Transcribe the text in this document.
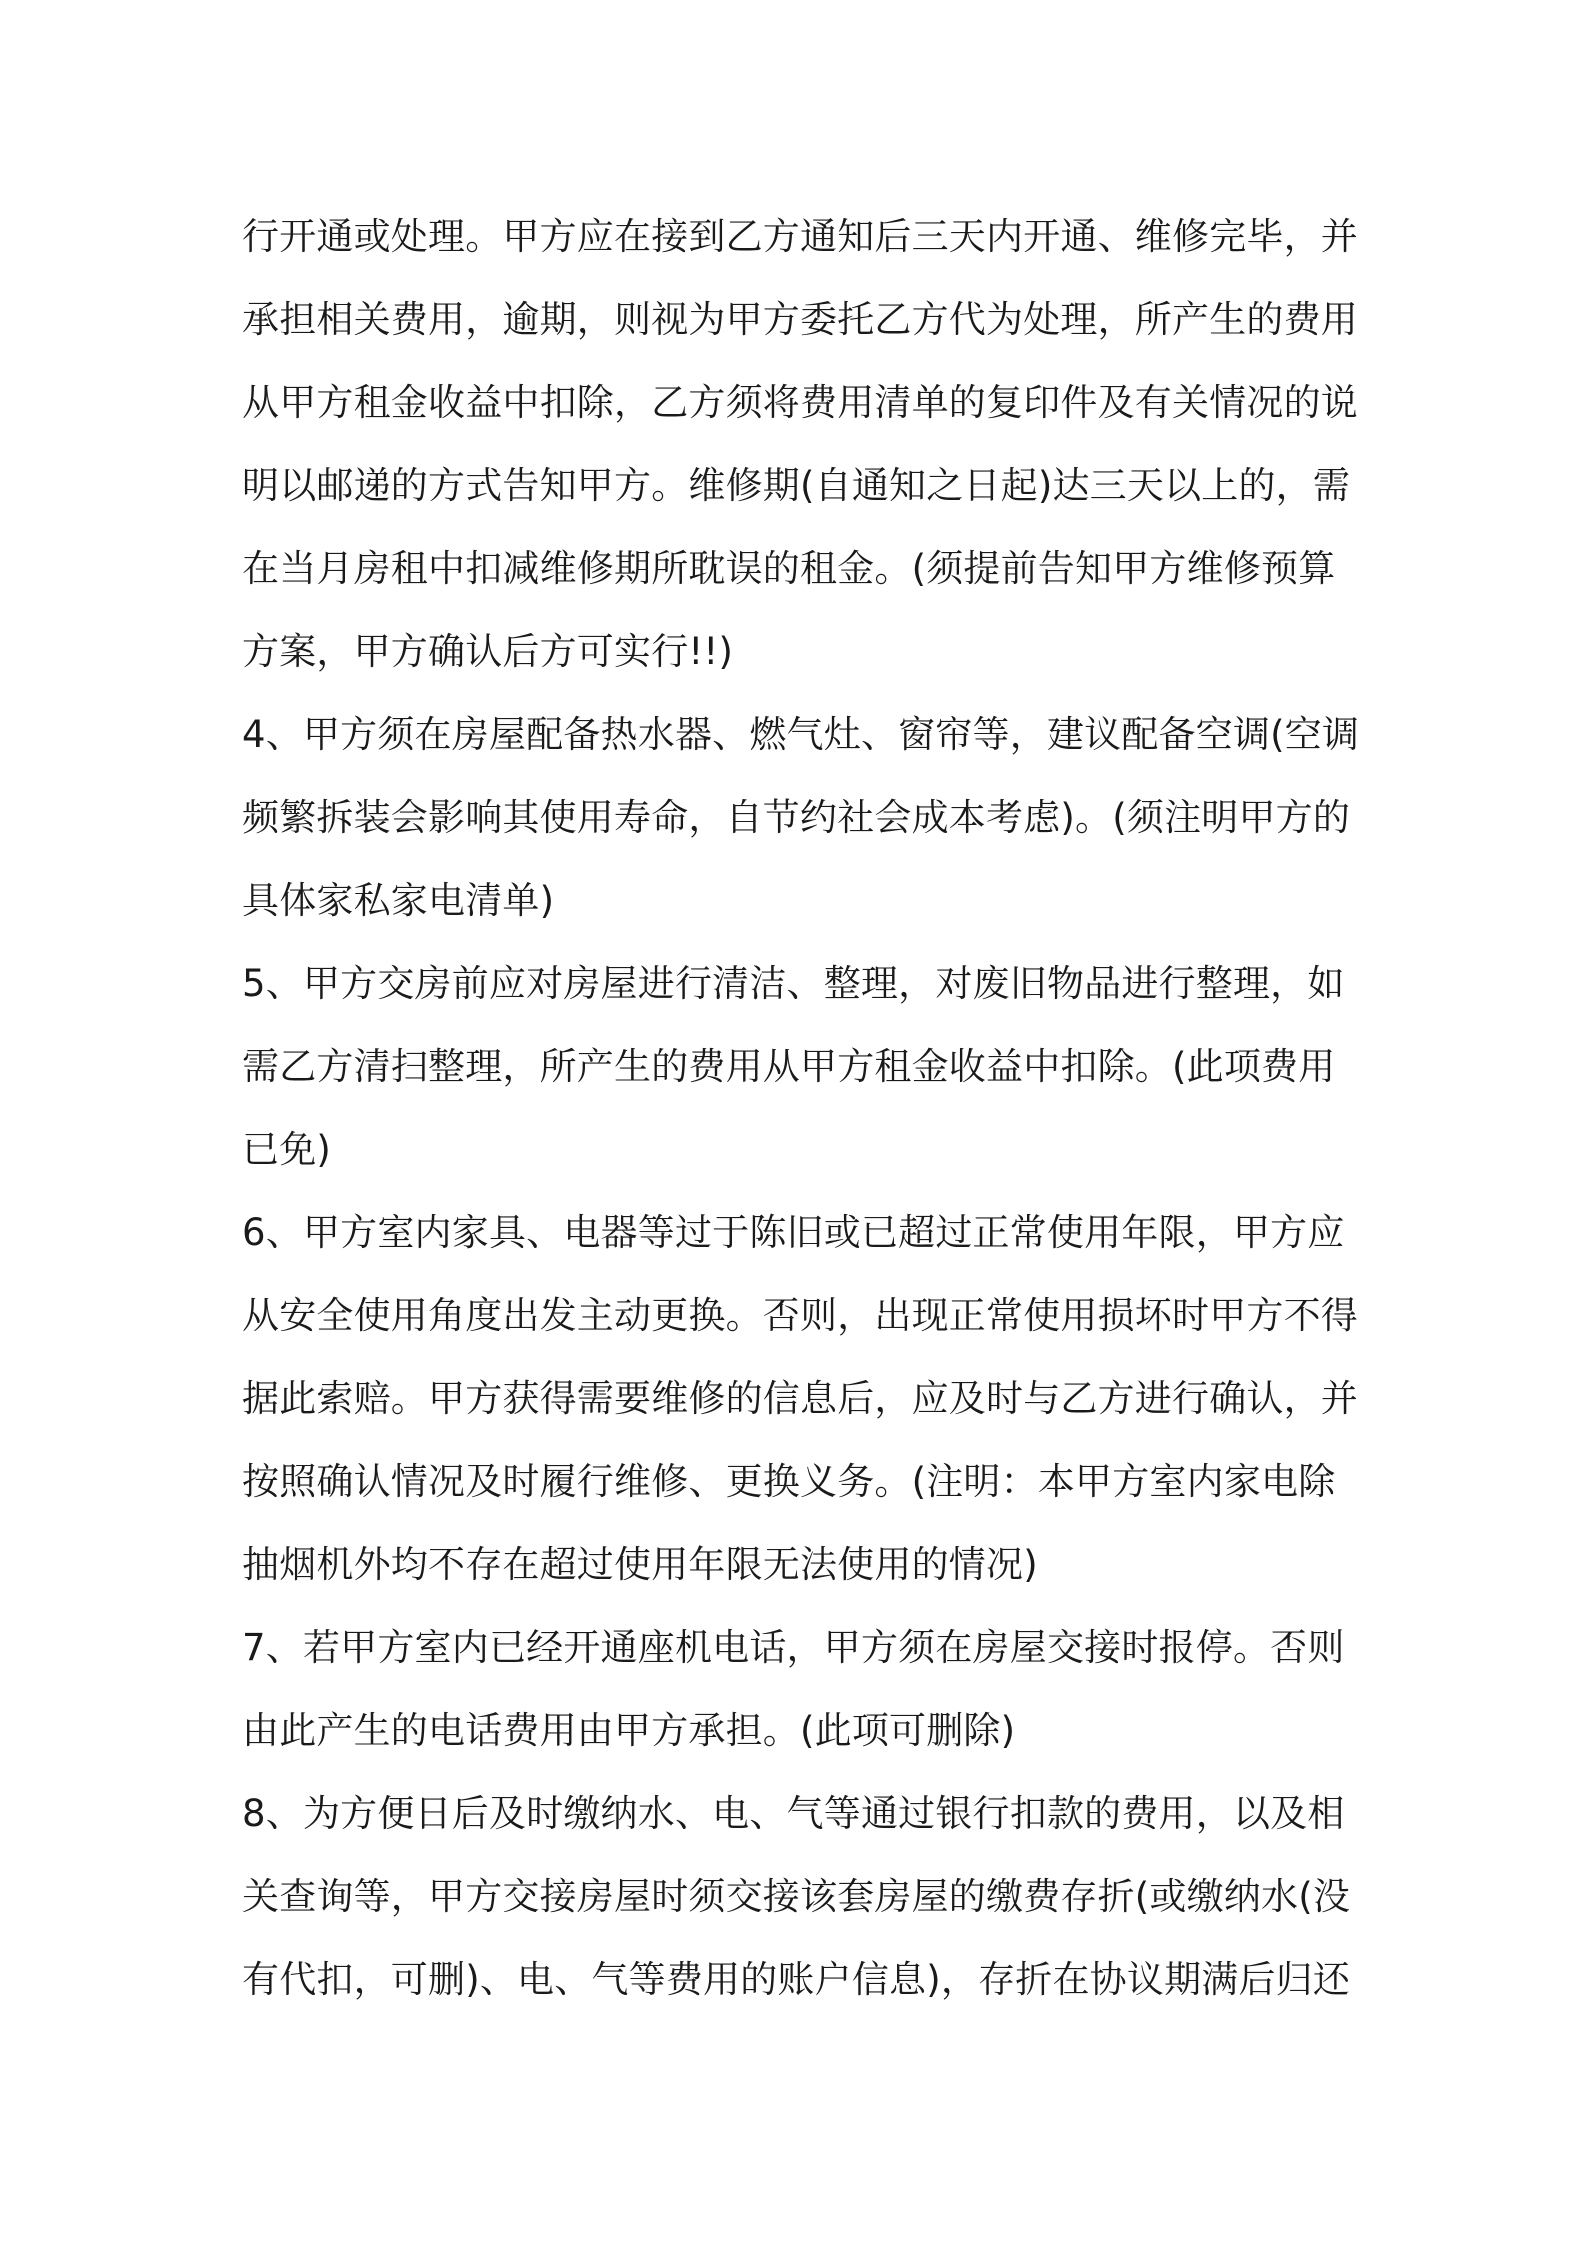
行开通或处理。甲方应在接到乙方通知后三天内开通、维修完毕，并
承担相关费用，逾期，则视为甲方委托乙方代为处理，所产生的费用
从甲方租金收益中扣除，乙方须将费用清单的复印件及有关情况的说
明以邮递的方式告知甲方。维修期(自通知之日起)达三天以上的，需
在当月房租中扣减维修期所耽误的租金。(须提前告知甲方维修预算
方案，甲方确认后方可实行!!)
4、甲方须在房屋配备热水器、燃气灶、窗帘等，建议配备空调(空调
频繁拆装会影响其使用寿命，自节约社会成本考虑)。(须注明甲方的
具体家私家电清单)
5、甲方交房前应对房屋进行清洁、整理，对废旧物品进行整理，如
需乙方清扫整理，所产生的费用从甲方租金收益中扣除。(此项费用
已免)
6、甲方室内家具、电器等过于陈旧或已超过正常使用年限，甲方应
从安全使用角度出发主动更换。否则，出现正常使用损坏时甲方不得
据此索赔。甲方获得需要维修的信息后，应及时与乙方进行确认，并
按照确认情况及时履行维修、更换义务。(注明：本甲方室内家电除
抽烟机外均不存在超过使用年限无法使用的情况)
7、若甲方室内已经开通座机电话，甲方须在房屋交接时报停。否则
由此产生的电话费用由甲方承担。(此项可删除)
8、为方便日后及时缴纳水、电、气等通过银行扣款的费用，以及相
关查询等，甲方交接房屋时须交接该套房屋的缴费存折(或缴纳水(没
有代扣，可删)、电、气等费用的账户信息)，存折在协议期满后归还
